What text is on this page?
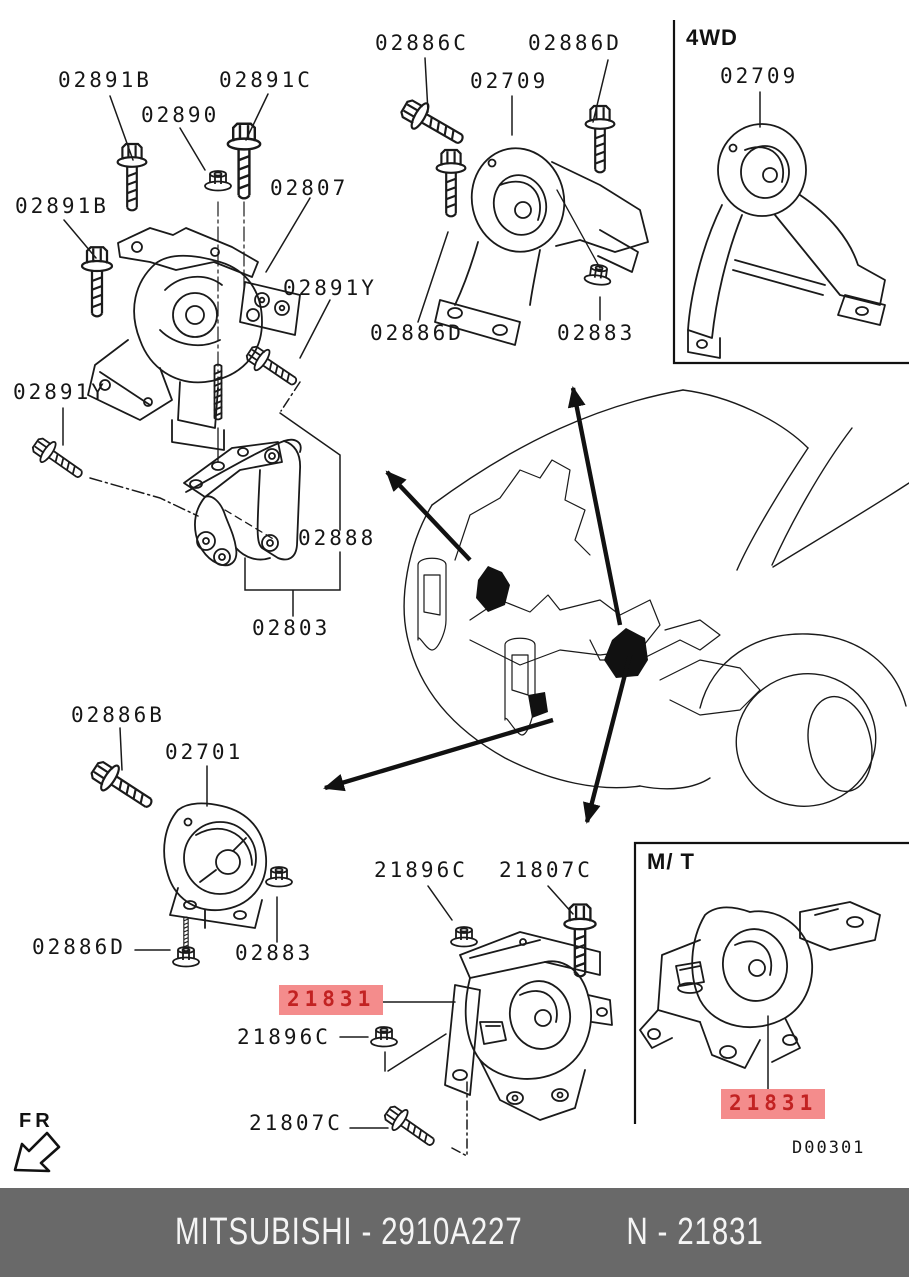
02891B	02891C
02890
02807
02891B
02891Y
02891Y
02888
02803
02886C	02886D
02709
02886D	02883
02709
02886B
02701
02886D	02883
21896C 21807C
21896C
21807C
21831
21831
4WD
M/ T
D00301
FR
MITSUBISHI - 2910A227	N - 21831
